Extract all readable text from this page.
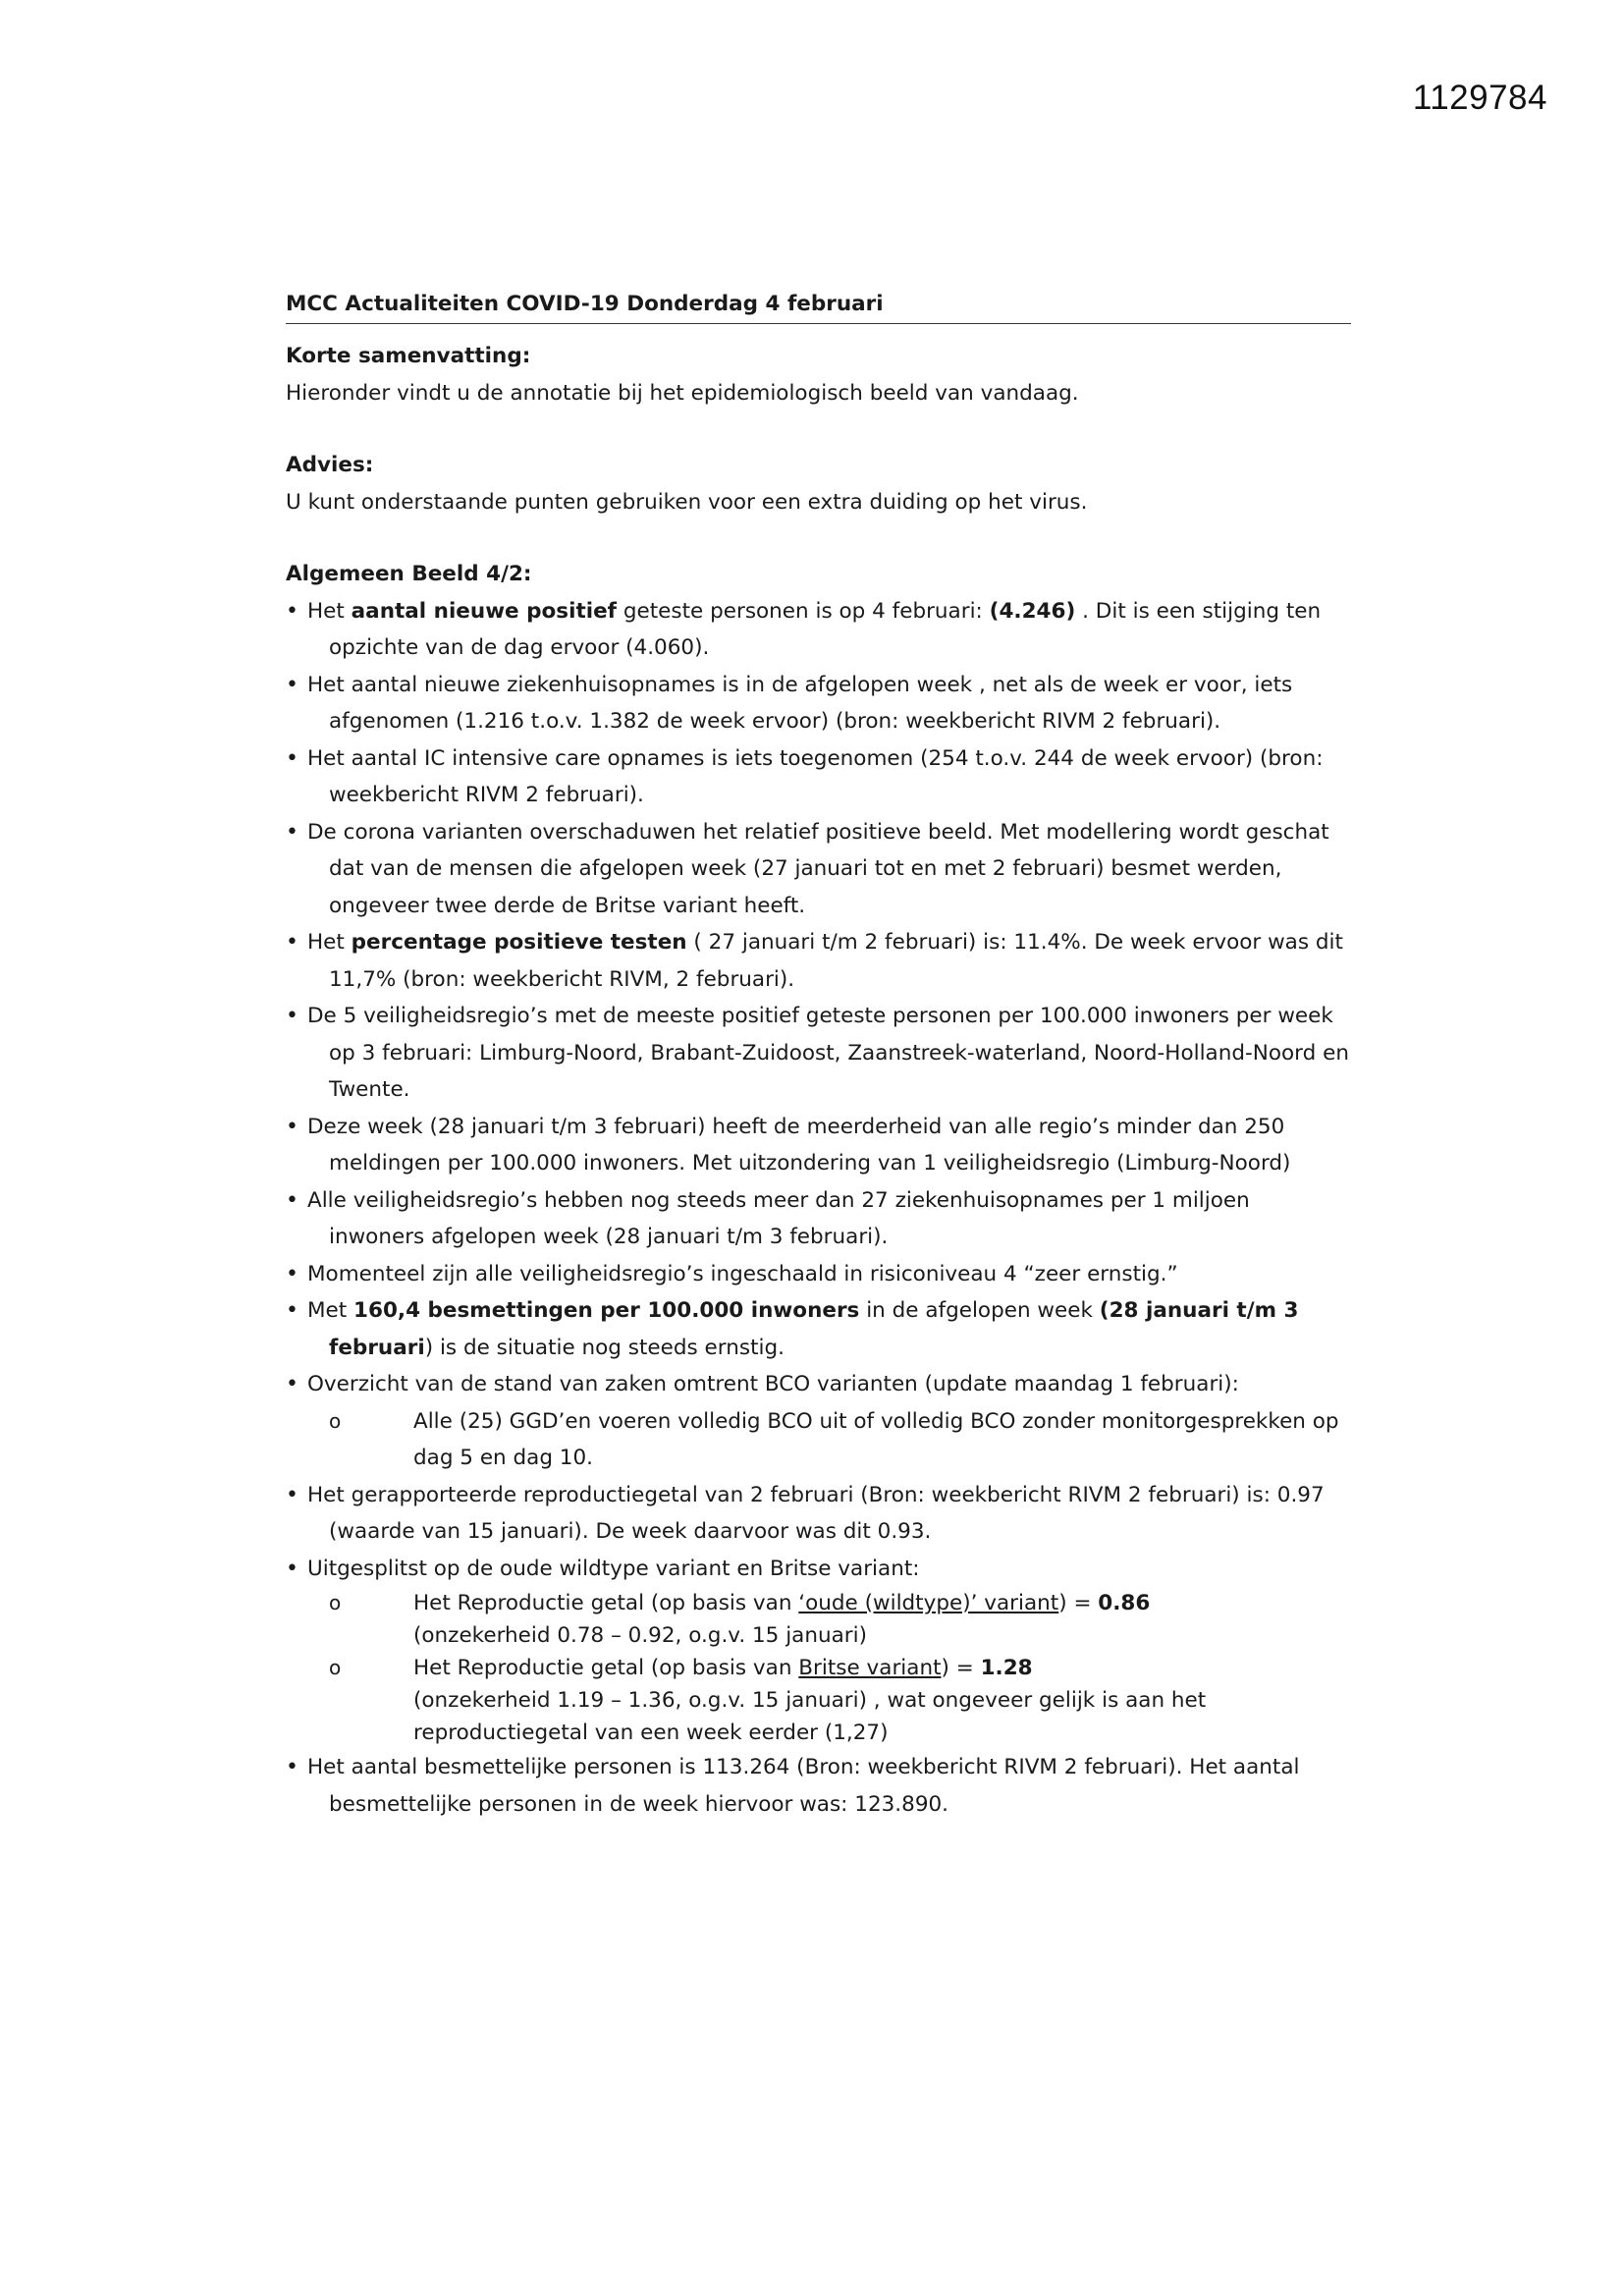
1129784

MCC Actualiteiten COVID-19 Donderdag 4 februari

Korte samenvatting:

Hieronder vindt u de annotatie bij het epidemiologisch beeld van vandaag.

Advies:

U kunt onderstaande punten gebruiken voor een extra duiding op het virus.

Algemeen Beeld 4/2:

• Het aantal nieuwe positief geteste personen is op 4 februari: (4.246) . Dit is een stijging ten opzichte van de dag ervoor (4.060).
• Het aantal nieuwe ziekenhuisopnames is in de afgelopen week , net als de week er voor, iets afgenomen (1.216 t.o.v. 1.382 de week ervoor) (bron: weekbericht RIVM 2 februari).
• Het aantal IC intensive care opnames is iets toegenomen (254 t.o.v. 244 de week ervoor) (bron: weekbericht RIVM 2 februari).
• De corona varianten overschaduwen het relatief positieve beeld. Met modellering wordt geschat dat van de mensen die afgelopen week (27 januari tot en met 2 februari) besmet werden, ongeveer twee derde de Britse variant heeft.
• Het percentage positieve testen ( 27 januari t/m 2 februari) is: 11.4%. De week ervoor was dit 11,7% (bron: weekbericht RIVM, 2 februari).
• De 5 veiligheidsregio’s met de meeste positief geteste personen per 100.000 inwoners per week op 3 februari: Limburg-Noord, Brabant-Zuidoost, Zaanstreek-waterland, Noord-Holland-Noord en Twente.
• Deze week (28 januari t/m 3 februari) heeft de meerderheid van alle regio’s minder dan 250 meldingen per 100.000 inwoners. Met uitzondering van 1 veiligheidsregio (Limburg-Noord)
• Alle veiligheidsregio’s hebben nog steeds meer dan 27 ziekenhuisopnames per 1 miljoen inwoners afgelopen week (28 januari t/m 3 februari).
• Momenteel zijn alle veiligheidsregio’s ingeschaald in risiconiveau 4 “zeer ernstig.”
• Met 160,4 besmettingen per 100.000 inwoners in de afgelopen week (28 januari t/m 3 februari) is de situatie nog steeds ernstig.
• Overzicht van de stand van zaken omtrent BCO varianten (update maandag 1 februari):
o Alle (25) GGD’en voeren volledig BCO uit of volledig BCO zonder monitorgesprekken op dag 5 en dag 10.
• Het gerapporteerde reproductiegetal van 2 februari (Bron: weekbericht RIVM 2 februari) is: 0.97 (waarde van 15 januari). De week daarvoor was dit 0.93.
• Uitgesplitst op de oude wildtype variant en Britse variant:
o Het Reproductie getal (op basis van ‘oude (wildtype)’ variant) = 0.86
(onzekerheid 0.78 – 0.92, o.g.v. 15 januari)
o Het Reproductie getal (op basis van Britse variant) = 1.28
(onzekerheid 1.19 – 1.36, o.g.v. 15 januari) , wat ongeveer gelijk is aan het reproductiegetal van een week eerder (1,27)
• Het aantal besmettelijke personen is 113.264 (Bron: weekbericht RIVM 2 februari). Het aantal besmettelijke personen in de week hiervoor was: 123.890.
